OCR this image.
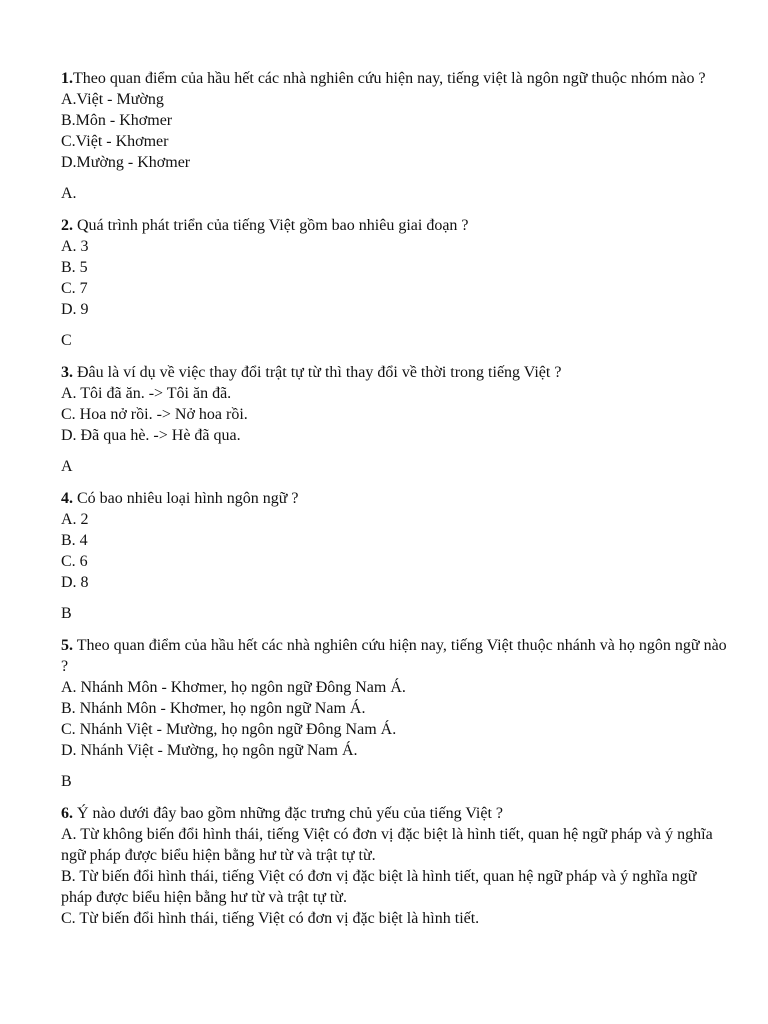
1.Theo quan điểm của hầu hết các nhà nghiên cứu hiện nay, tiếng việt là ngôn ngữ thuộc nhóm nào ?

A.Việt - Mường
B.Môn - Khơmer
C.Việt - Khơmer
D.Mường - Khơmer
A.

2. Quá trình phát triển của tiếng Việt gồm bao nhiêu giai đoạn ?

A. 3
B. 5
C. 7
D. 9
C

3. Đâu là ví dụ về việc thay đổi trật tự từ thì thay đổi về thời trong tiếng Việt ?

A. Tôi đã ăn. -> Tôi ăn đã.
C. Hoa nở rồi. -> Nở hoa rồi.
D. Đã qua hè. -> Hè đã qua.
A

4. Có bao nhiêu loại hình ngôn ngữ ?

A. 2
B. 4
C. 6
D. 8
B

5. Theo quan điểm của hầu hết các nhà nghiên cứu hiện nay, tiếng Việt thuộc nhánh và họ ngôn ngữ nào ?

A. Nhánh Môn - Khơmer, họ ngôn ngữ Đông Nam Á.
B. Nhánh Môn - Khơmer, họ ngôn ngữ Nam Á.
C. Nhánh Việt - Mường, họ ngôn ngữ Đông Nam Á.
D. Nhánh Việt - Mường, họ ngôn ngữ Nam Á.
B

6. Ý nào dưới đây bao gồm những đặc trưng chủ yếu của tiếng Việt ?

A. Từ không biến đổi hình thái, tiếng Việt có đơn vị đặc biệt là hình tiết, quan hệ ngữ pháp và ý nghĩa ngữ pháp được biểu hiện bằng hư từ và trật tự từ.
B. Từ biến đổi hình thái, tiếng Việt có đơn vị đặc biệt là hình tiết, quan hệ ngữ pháp và ý nghĩa ngữ pháp được biểu hiện bằng hư từ và trật tự từ.
C. Từ biến đổi hình thái, tiếng Việt có đơn vị đặc biệt là hình tiết.
